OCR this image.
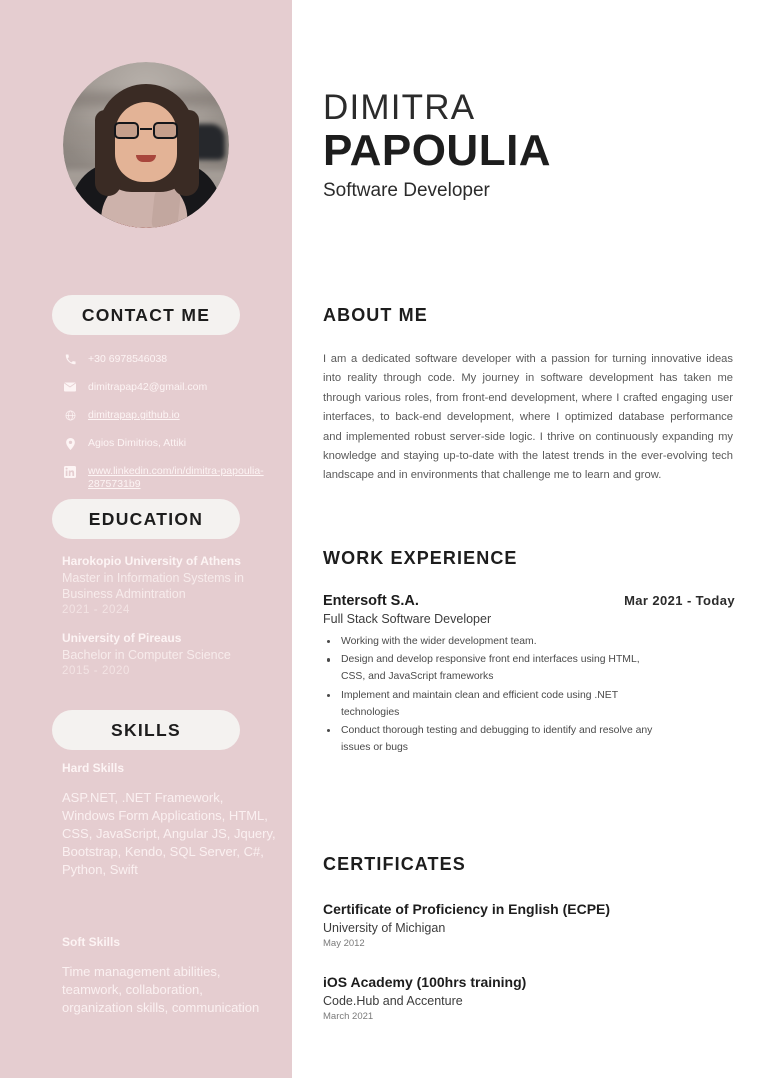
CONTACT ME
+30 6978546038
dimitrapap42@gmail.com
dimitrapap.github.io
Agios Dimitrios, Attiki
www.linkedin.com/in/dimitra-papoulia-2875731b9
EDUCATION
Harokopio University of Athens
Master in Information Systems in Business Admintration
2021 - 2024
University of Pireaus
Bachelor in Computer Science
2015 - 2020
SKILLS
Hard Skills
ASP.NET, .NET Framework, Windows Form Applications, HTML, CSS, JavaScript, Angular JS, Jquery, Bootstrap, Kendo, SQL Server, C#, Python, Swift
Soft Skills
Time management abilities, teamwork, collaboration, organization skills, communication
DIMITRA
PAPOULIA
Software Developer
ABOUT ME

I am a dedicated software developer with a passion for turning innovative ideas into reality through code. My journey in software development has taken me through various roles, from front-end development, where I crafted engaging user interfaces, to back-end development, where I optimized database performance and implemented robust server-side logic. I thrive on continuously expanding my knowledge and staying up-to-date with the latest trends in the ever-evolving tech landscape and in environments that challenge me to learn and grow.

WORK EXPERIENCE
Entersoft S.A.	Mar 2021 - Today
Full Stack Software Developer
Working with the wider development team.
Design and develop responsive front end interfaces using HTML, CSS, and JavaScript frameworks
Implement and maintain clean and efficient code using .NET technologies
Conduct thorough testing and debugging to identify and resolve any issues or bugs
CERTIFICATES
Certificate of Proficiency in English (ECPE)
University of Michigan
May 2012
iOS Academy (100hrs training)
Code.Hub and Accenture
March 2021
